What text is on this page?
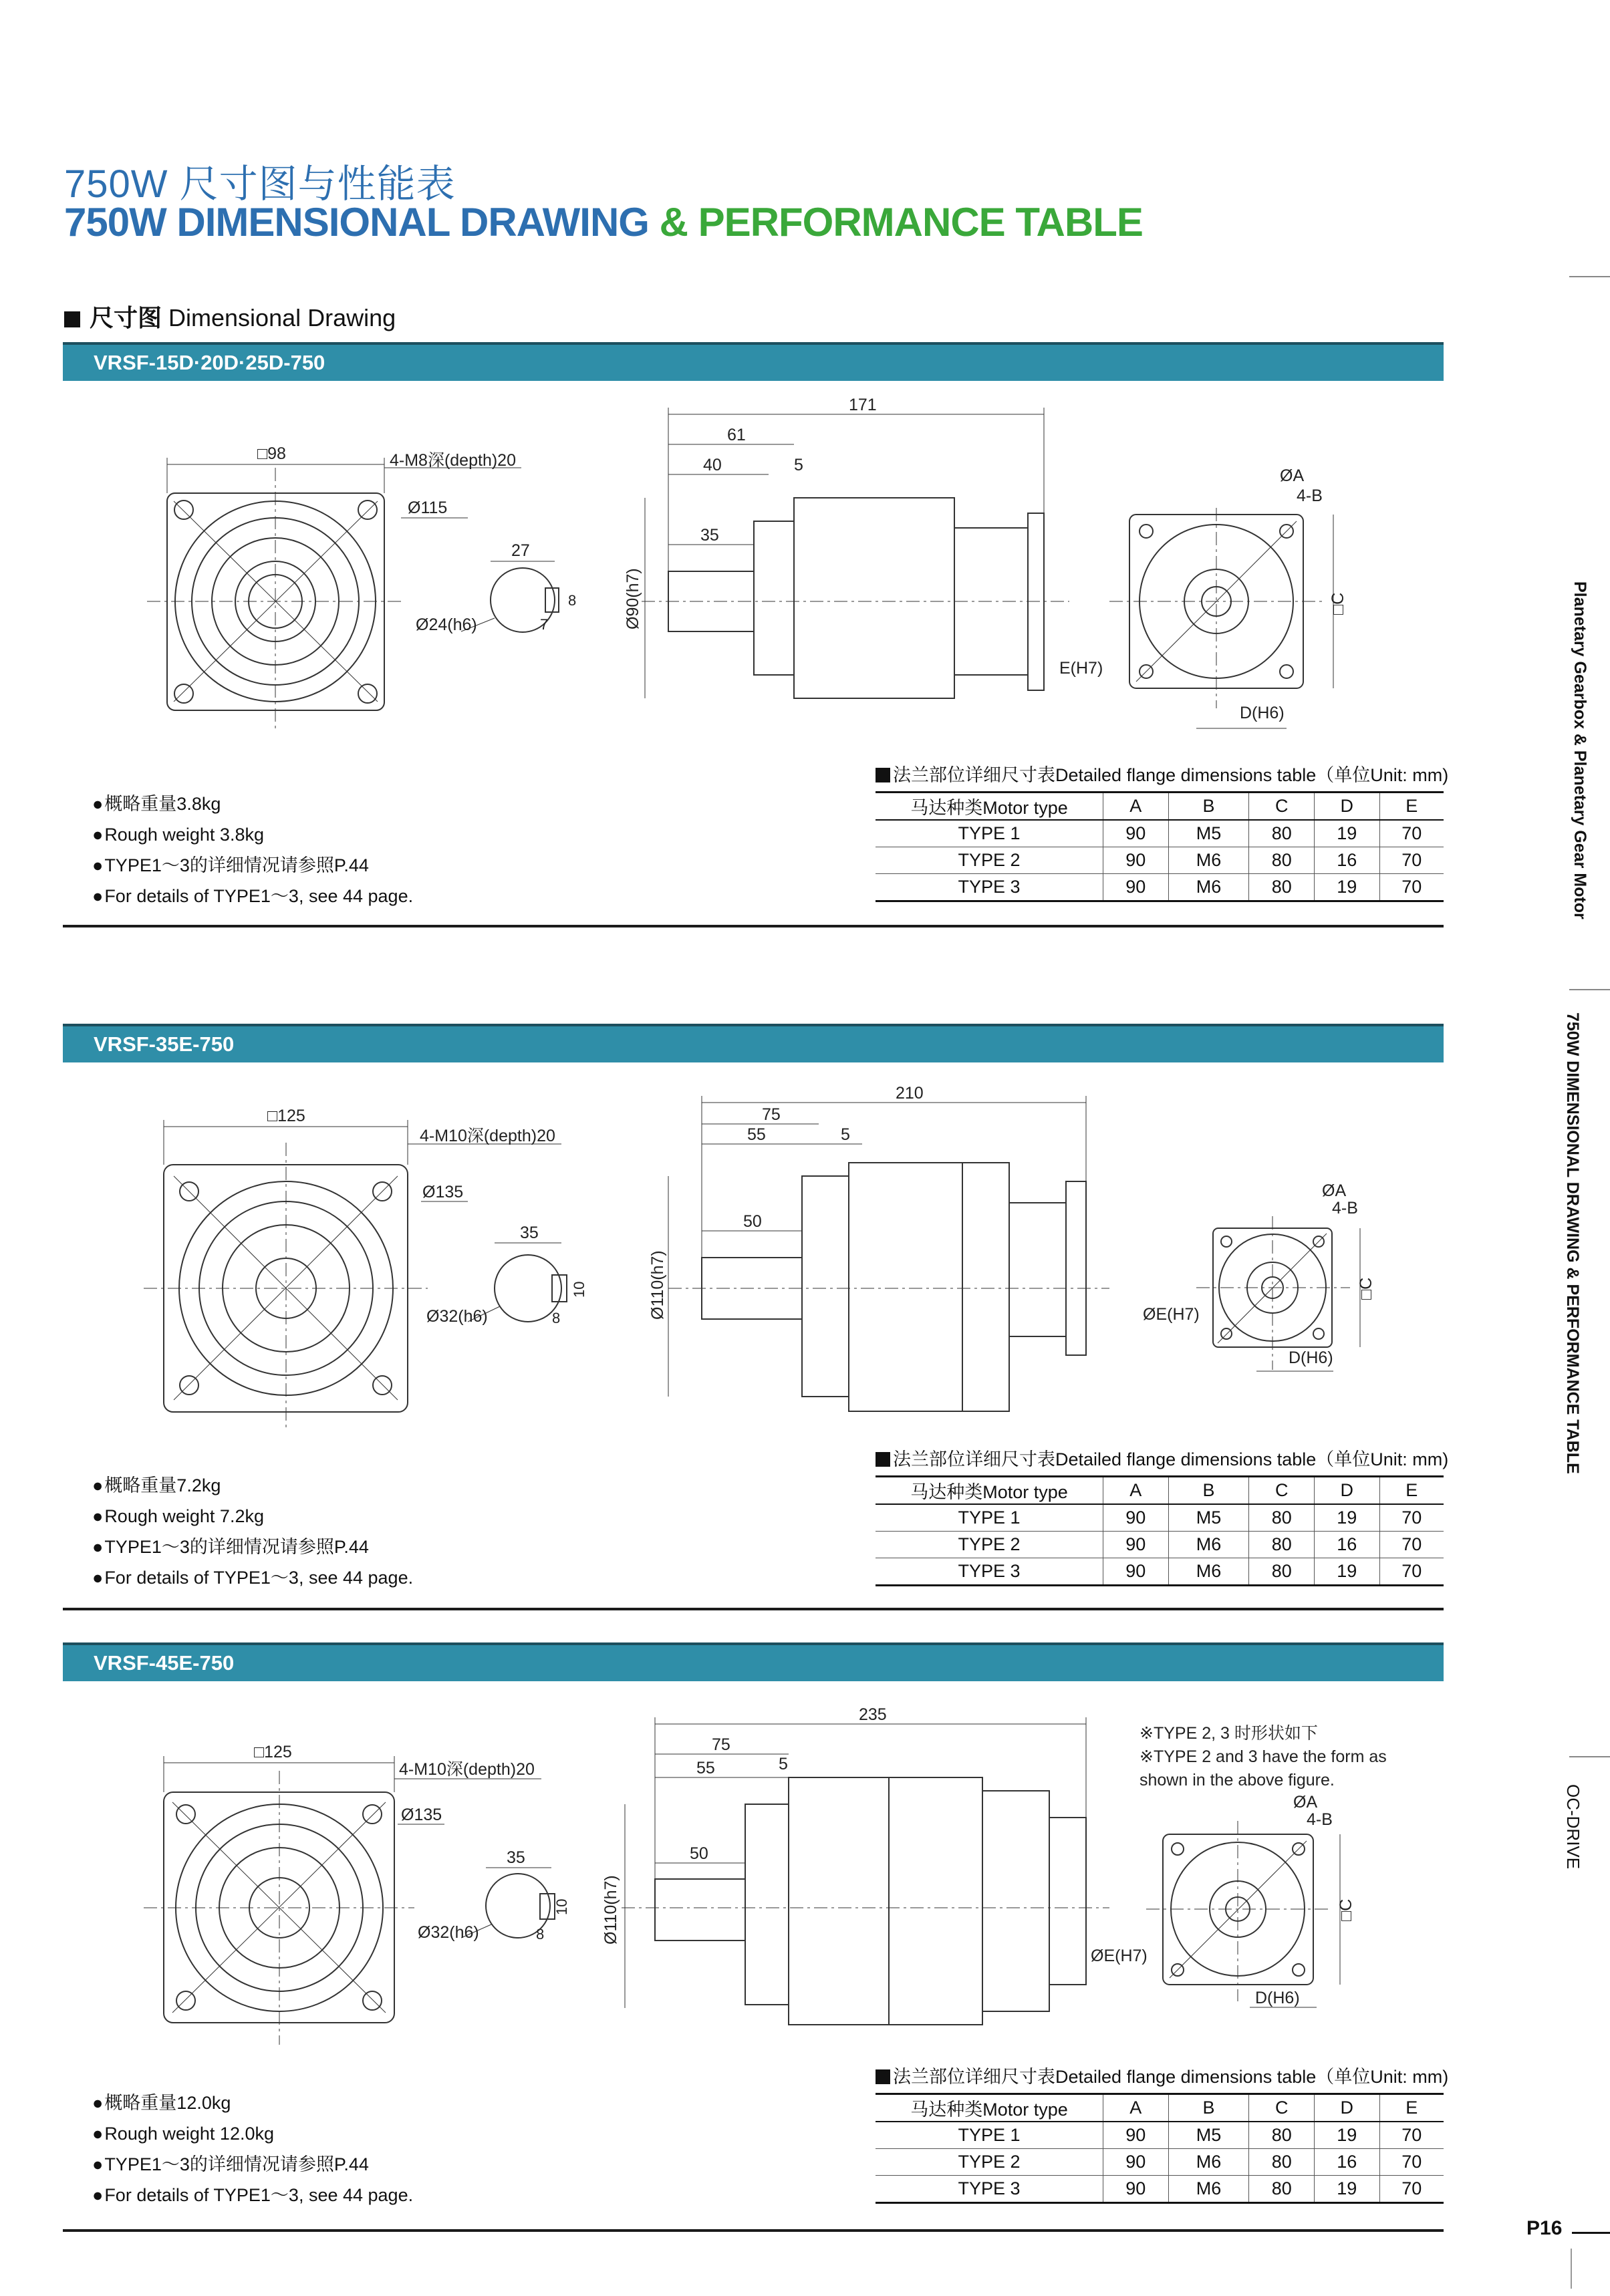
750W 尺寸图与性能表
750W DIMENSIONAL DRAWING & PERFORMANCE TABLE
尺寸图 Dimensional Drawing
Planetary Gearbox & Planetary Gear Motor
750W DIMENSIONAL DRAWING & PERFORMANCE TABLE
OC-DRIVE
VRSF-15D·20D·25D-750
□98	4-M8深(depth)20
Ø115
Ø24(h6)
27
8
7	Ø90(h7)
171
61
40	5
35
ØA
4-B
□C
E(H7)
D(H6)
● 概略重量3.8kg
● Rough weight 3.8kg
● TYPE1～3的详细情况请参照P.44
● For details of TYPE1～3, see 44 page.
法兰部位详细尺寸表Detailed flange dimensions table（单位Unit: mm)
马达种类Motor type	A	B	C	D	E
TYPE 1	90	M5	80	19	70
TYPE 2	90	M6	80	16	70
TYPE 3	90	M6	80	19	70
VRSF-35E-750
□125
4-M10深(depth)20
Ø135
Ø32(h6)
35
10
8	Ø110(h7)
210
75
55	5
50
ØA
4-B
□C
ØE(H7)
D(H6)
● 概略重量7.2kg
● Rough weight 7.2kg
● TYPE1～3的详细情况请参照P.44
● For details of TYPE1～3, see 44 page.
法兰部位详细尺寸表Detailed flange dimensions table（单位Unit: mm)
马达种类Motor type	A	B	C	D	E
TYPE 1	90	M5	80	19	70
TYPE 2	90	M6	80	16	70
TYPE 3	90	M6	80	19	70
VRSF-45E-750
□125
4-M10深(depth)20
Ø135
Ø32(h6)
35
10
8	Ø110(h7)
235
75
55	5
50
ØA
4-B
□C
ØE(H7)
D(H6)
※TYPE 2, 3 时形状如下
※TYPE 2 and 3 have the form as
shown in the above figure.
● 概略重量12.0kg
● Rough weight 12.0kg
● TYPE1～3的详细情况请参照P.44
● For details of TYPE1～3, see 44 page.
法兰部位详细尺寸表Detailed flange dimensions table（单位Unit: mm)
马达种类Motor type	A	B	C	D	E
TYPE 1	90	M5	80	19	70
TYPE 2	90	M6	80	16	70
TYPE 3	90	M6	80	19	70
P16
